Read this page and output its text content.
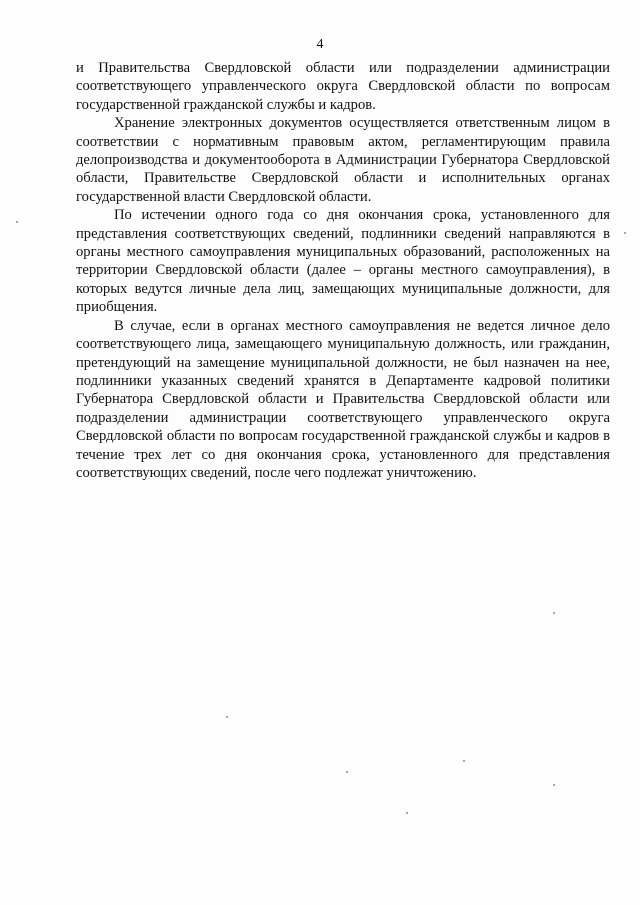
4

и Правительства Свердловской области или подразделении администрации соответствующего управленческого округа Свердловской области по вопросам государственной гражданской службы и кадров.

Хранение электронных документов осуществляется ответственным лицом в соответствии с нормативным правовым актом, регламентирующим правила делопроизводства и документооборота в Администрации Губернатора Свердловской области, Правительстве Свердловской области и исполнительных органах государственной власти Свердловской области.

По истечении одного года со дня окончания срока, установленного для представления соответствующих сведений, подлинники сведений направляются в органы местного самоуправления муниципальных образований, расположенных на территории Свердловской области (далее – органы местного самоуправления), в которых ведутся личные дела лиц, замещающих муниципальные должности, для приобщения.

В случае, если в органах местного самоуправления не ведется личное дело соответствующего лица, замещающего муниципальную должность, или гражданин, претендующий на замещение муниципальной должности, не был назначен на нее, подлинники указанных сведений хранятся в Департаменте кадровой политики Губернатора Свердловской области и Правительства Свердловской области или подразделении администрации соответствующего управленческого округа Свердловской области по вопросам государственной гражданской службы и кадров в течение трех лет со дня окончания срока, установленного для представления соответствующих сведений, после чего подлежат уничтожению.
